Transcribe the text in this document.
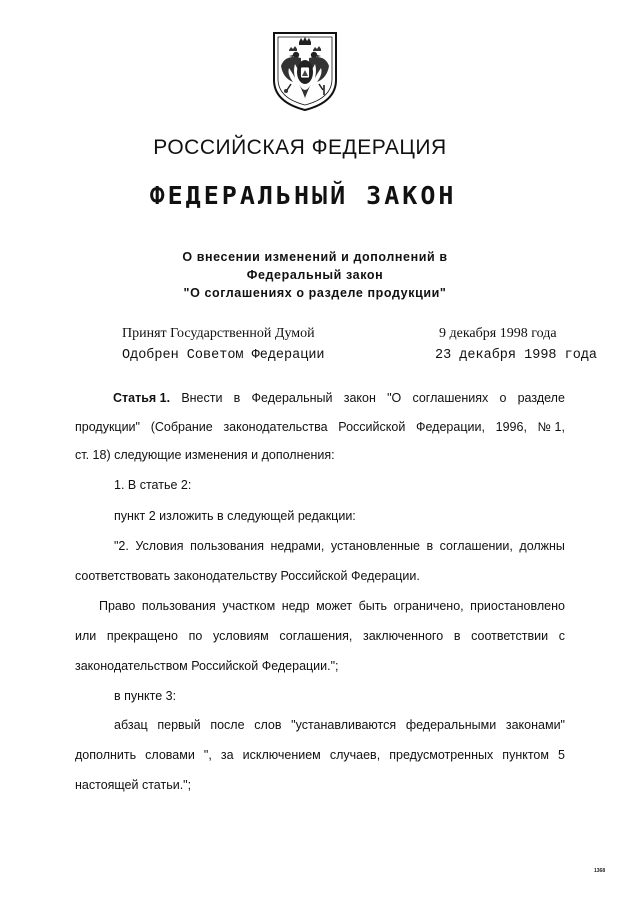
РОССИЙСКАЯ ФЕДЕРАЦИЯ
ФЕДЕРАЛЬНЫЙ ЗАКОН
О внесении изменений и дополнений в
Федеральный закон
"О соглашениях о разделе продукции"
Принят Государственной Думой	9 декабря 1998 года
Одобрен Советом Федерации	23 декабря 1998 года
Статья 1. Внести в Федеральный закон "О соглашениях о разделе
продукции" (Собрание законодательства Российской Федерации, 1996, № 1,
ст. 18) следующие изменения и дополнения:
1. В статье 2:
пункт 2 изложить в следующей редакции:
"2. Условия пользования недрами, установленные в соглашении, должны
соответствовать законодательству Российской Федерации.
Право пользования участком недр может быть ограничено, приостановлено
или прекращено по условиям соглашения, заключенного в соответствии с
законодательством Российской Федерации.";
в пункте 3:
абзац первый после слов "устанавливаются федеральными законами"
дополнить словами ", за исключением случаев, предусмотренных пунктом 5
настоящей статьи.";
1368
